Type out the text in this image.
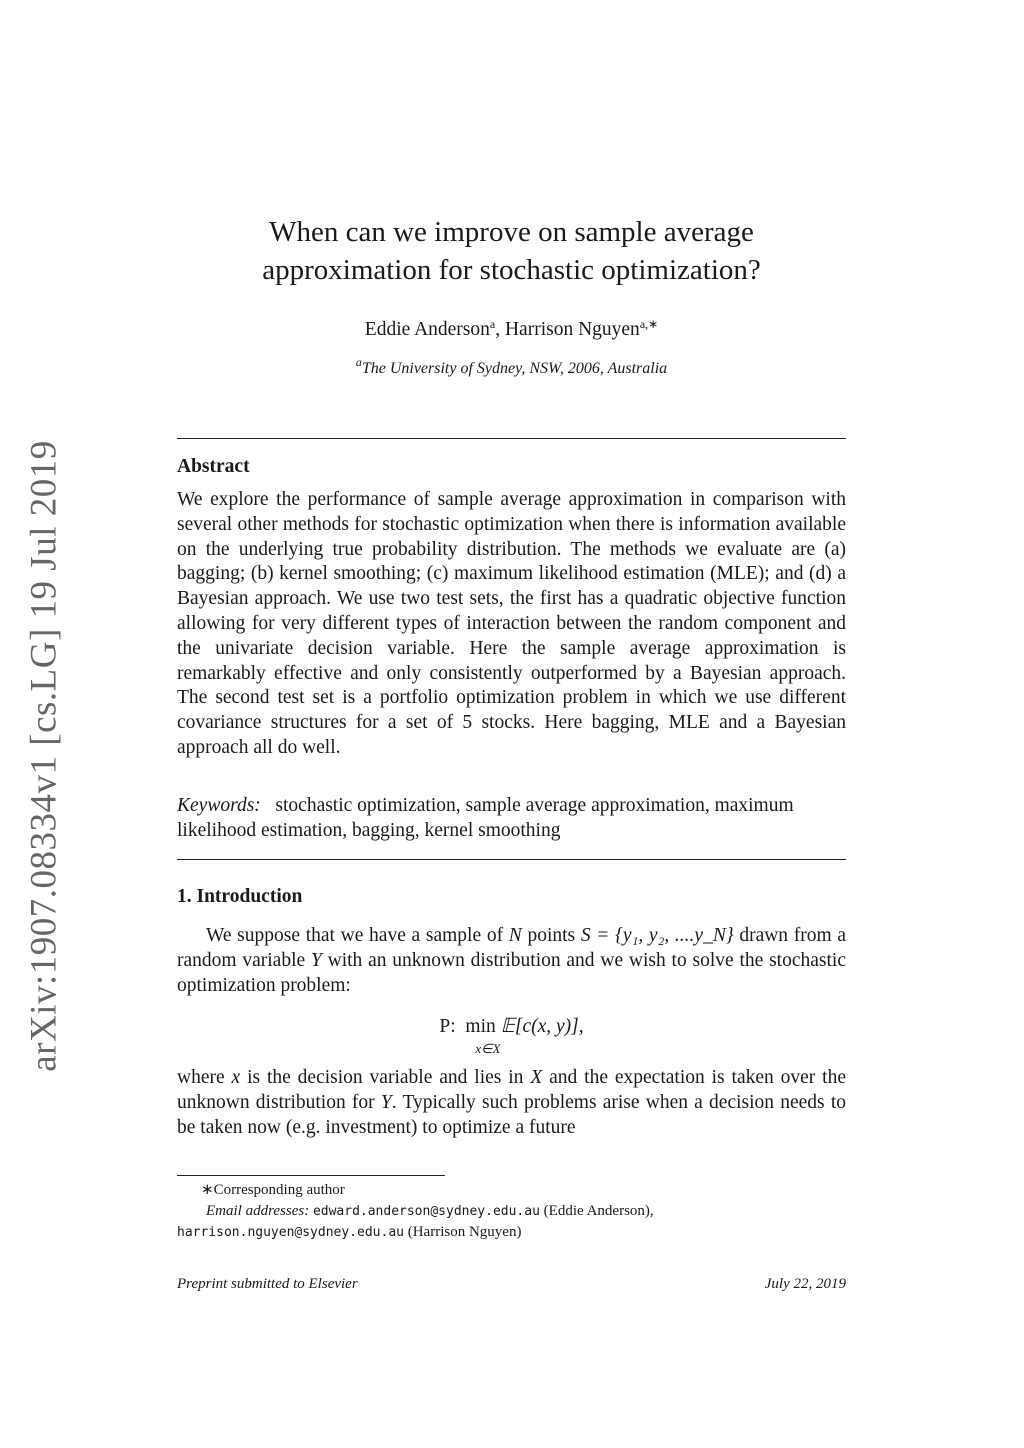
arXiv:1907.08334v1 [cs.LG] 19 Jul 2019
When can we improve on sample average approximation for stochastic optimization?
Eddie Anderson$^a$, Harrison Nguyen$^{a,∗}$
$^a$The University of Sydney, NSW, 2006, Australia
Abstract
We explore the performance of sample average approximation in comparison with several other methods for stochastic optimization when there is information available on the underlying true probability distribution. The methods we evaluate are (a) bagging; (b) kernel smoothing; (c) maximum likelihood estimation (MLE); and (d) a Bayesian approach. We use two test sets, the first has a quadratic objective function allowing for very different types of interaction between the random component and the univariate decision variable. Here the sample average approximation is remarkably effective and only consistently outperformed by a Bayesian approach. The second test set is a portfolio optimization problem in which we use different covariance structures for a set of 5 stocks. Here bagging, MLE and a Bayesian approach all do well.
Keywords: stochastic optimization, sample average approximation, maximum likelihood estimation, bagging, kernel smoothing
1. Introduction
We suppose that we have a sample of N points S = {y₁, y₂, ....y_N} drawn from a random variable Y with an unknown distribution and we wish to solve the stochastic optimization problem:
P: min
x∈X
𝔼[c(x, y)],
where x is the decision variable and lies in X and the expectation is taken over the unknown distribution for Y. Typically such problems arise when a decision needs to be taken now (e.g. investment) to optimize a future
∗Corresponding author
Email addresses: edward.anderson@sydney.edu.au (Eddie Anderson),
harrison.nguyen@sydney.edu.au (Harrison Nguyen)
Preprint submitted to Elsevier	July 22, 2019
